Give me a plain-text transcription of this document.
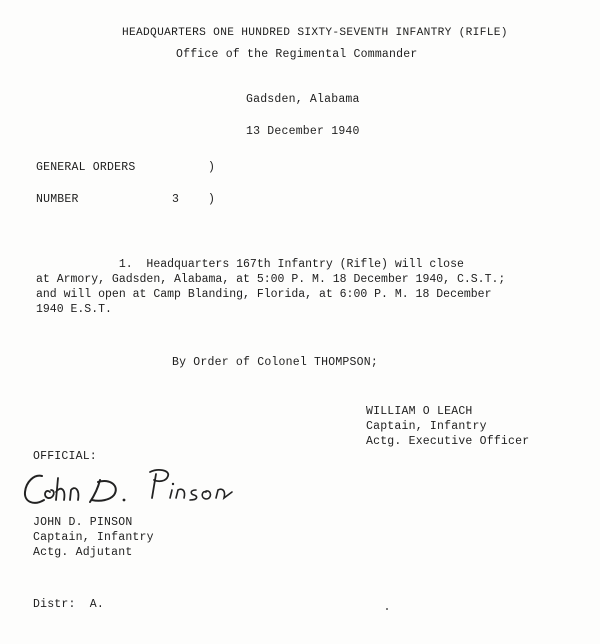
HEADQUARTERS ONE HUNDRED SIXTY-SEVENTH INFANTRY (RIFLE)
Office of the Regimental Commander
Gadsden, Alabama
13 December 1940
GENERAL ORDERS	)
NUMBER	3	)
1.  Headquarters 167th Infantry (Rifle) will close
at Armory, Gadsden, Alabama, at 5:00 P. M. 18 December 1940, C.S.T.;
and will open at Camp Blanding, Florida, at 6:00 P. M. 18 December
1940 E.S.T.
By Order of Colonel THOMPSON;
WILLIAM O LEACH
Captain, Infantry
Actg. Executive Officer
OFFICIAL:
JOHN D. PINSON
Captain, Infantry
Actg. Adjutant
Distr:  A.
